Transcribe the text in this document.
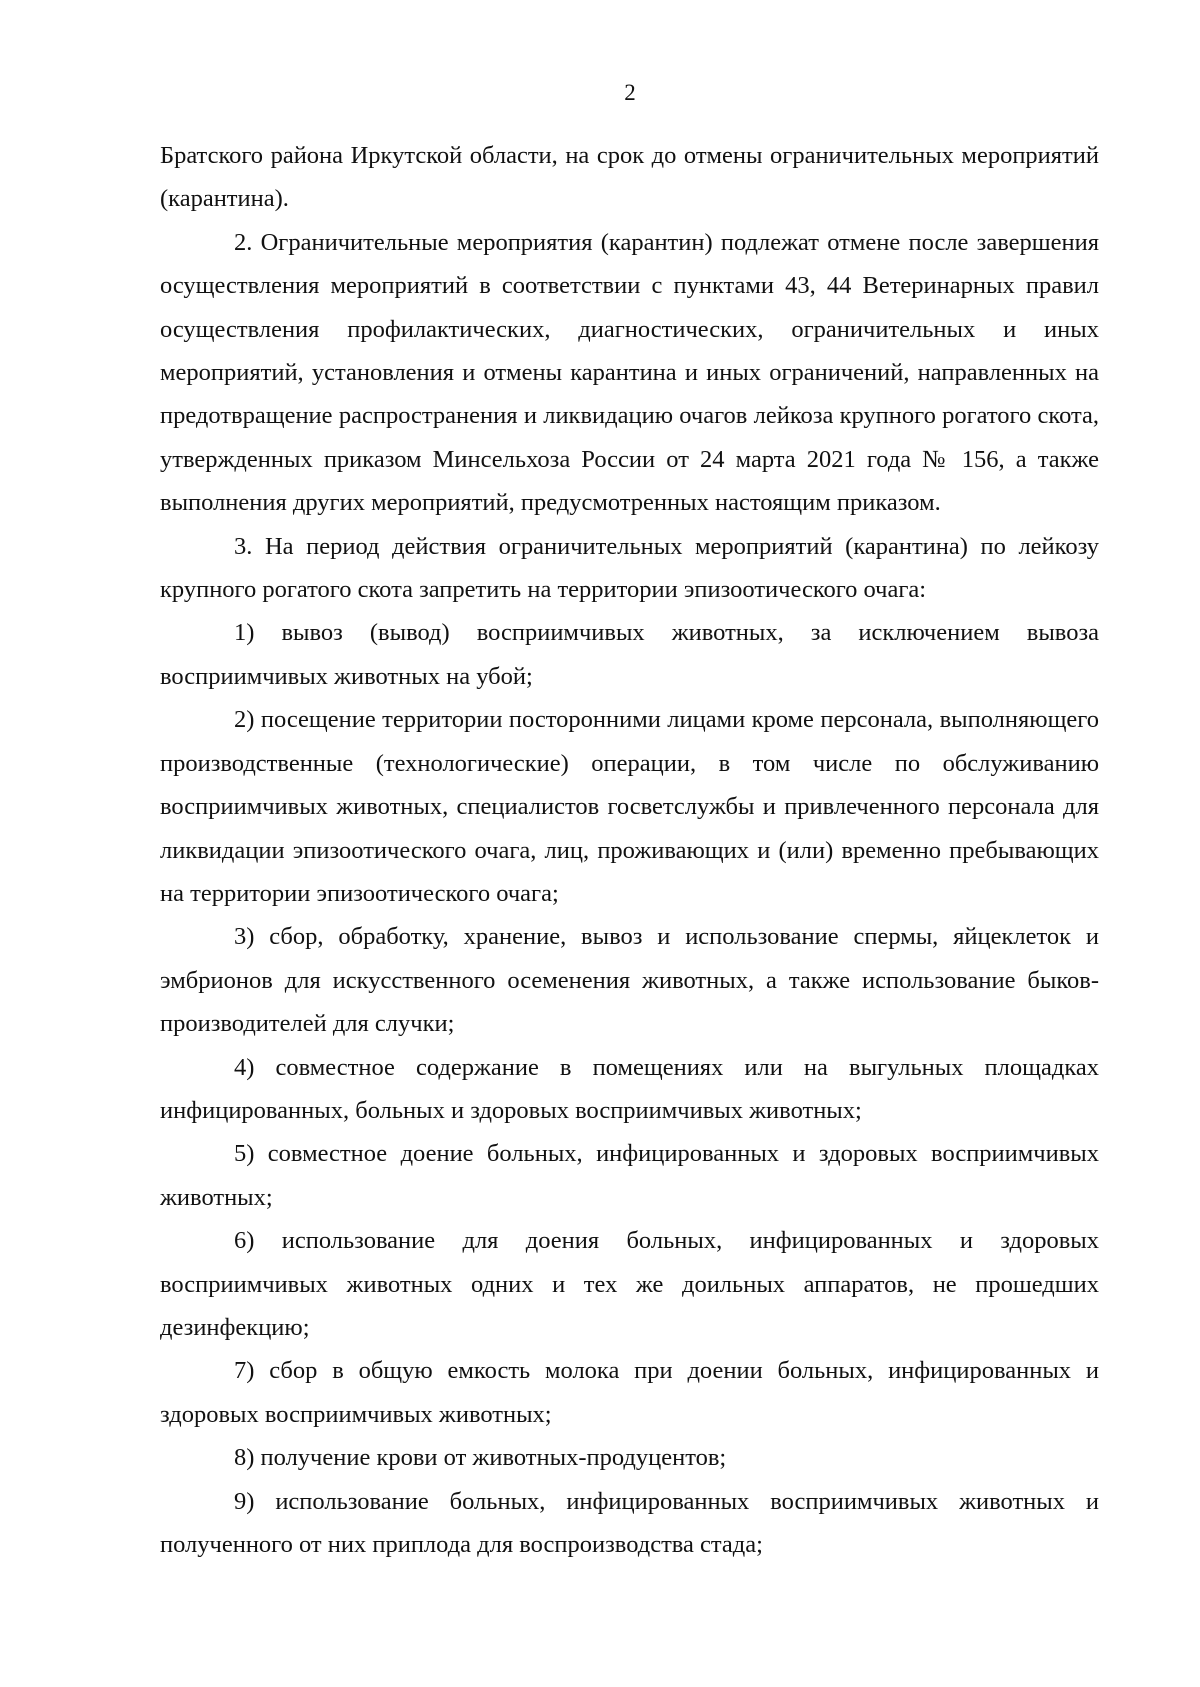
2

Братского района Иркутской области, на срок до отмены ограничительных мероприятий (карантина).

2. Ограничительные мероприятия (карантин) подлежат отмене после завершения осуществления мероприятий в соответствии с пунктами 43, 44 Ветеринарных правил осуществления профилактических, диагностических, ограничительных и иных мероприятий, установления и отмены карантина и иных ограничений, направленных на предотвращение распространения и ликвидацию очагов лейкоза крупного рогатого скота, утвержденных приказом Минсельхоза России от 24 марта 2021 года № 156, а также выполнения других мероприятий, предусмотренных настоящим приказом.

3. На период действия ограничительных мероприятий (карантина) по лейкозу крупного рогатого скота запретить на территории эпизоотического очага:

1) вывоз (вывод) восприимчивых животных, за исключением вывоза восприимчивых животных на убой;

2) посещение территории посторонними лицами кроме персонала, выполняющего производственные (технологические) операции, в том числе по обслуживанию восприимчивых животных, специалистов госветслужбы и привлеченного персонала для ликвидации эпизоотического очага, лиц, проживающих и (или) временно пребывающих на территории эпизоотического очага;

3) сбор, обработку, хранение, вывоз и использование спермы, яйцеклеток и эмбрионов для искусственного осеменения животных, а также использование быков-производителей для случки;

4) совместное содержание в помещениях или на выгульных площадках инфицированных, больных и здоровых восприимчивых животных;

5) совместное доение больных, инфицированных и здоровых восприимчивых животных;

6) использование для доения больных, инфицированных и здоровых восприимчивых животных одних и тех же доильных аппаратов, не прошедших дезинфекцию;

7) сбор в общую емкость молока при доении больных, инфицированных и здоровых восприимчивых животных;

8) получение крови от животных-продуцентов;

9) использование больных, инфицированных восприимчивых животных и полученного от них приплода для воспроизводства стада;
